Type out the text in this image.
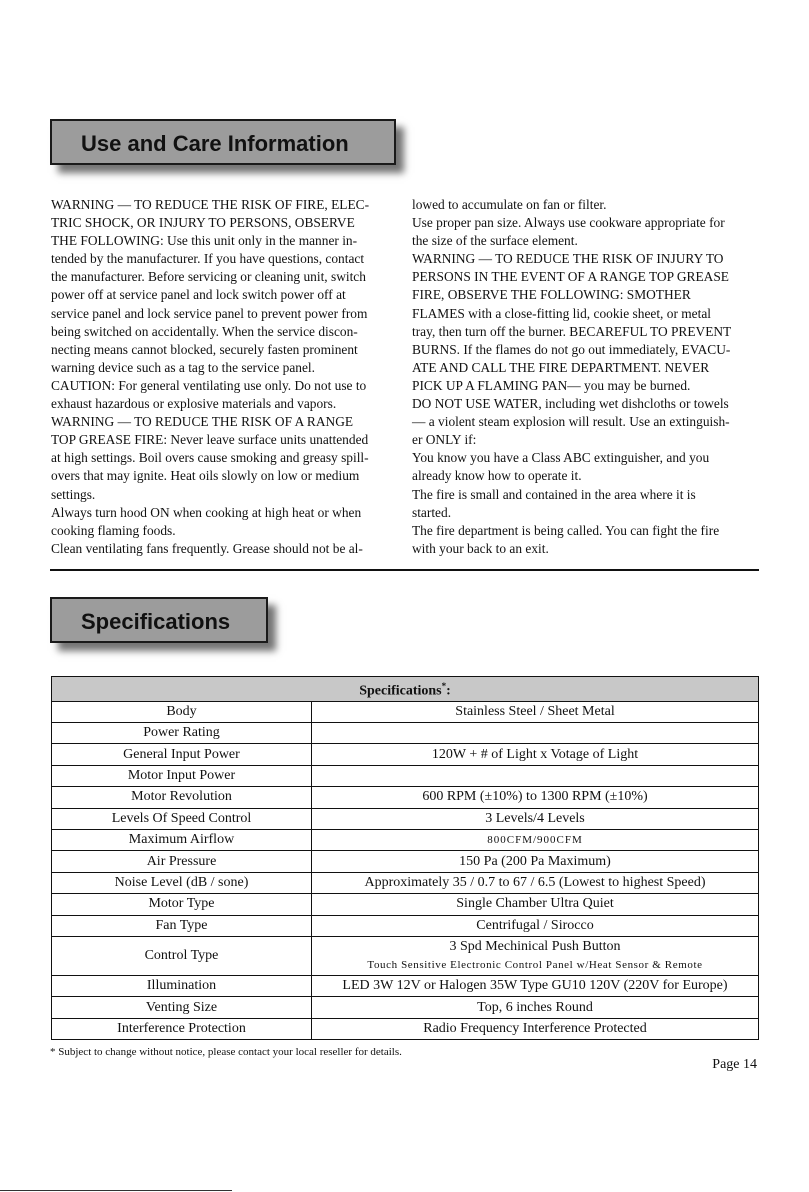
Use and Care Information

WARNING — TO REDUCE THE RISK OF FIRE, ELEC-

TRIC SHOCK, OR INJURY TO PERSONS, OBSERVE

THE FOLLOWING: Use this unit only in the manner in-

tended by the manufacturer. If you have questions, contact

the manufacturer. Before servicing or cleaning unit, switch

power off at service panel and lock switch power off at

service panel and lock service panel to prevent power from

being switched on accidentally. When the service discon-

necting means cannot blocked, securely fasten prominent

warning device such as a tag to the service panel.

CAUTION: For general ventilating use only. Do not use to

exhaust hazardous or explosive materials and vapors.

WARNING — TO REDUCE THE RISK OF A RANGE

TOP GREASE FIRE: Never leave surface units unattended

at high settings. Boil overs cause smoking and greasy spill-

overs that may ignite. Heat oils slowly on low or medium

settings.

Always turn hood ON when cooking at high heat or when

cooking flaming foods.

Clean ventilating fans frequently. Grease should not be al-

lowed to accumulate on fan or filter.

Use proper pan size. Always use cookware appropriate for

the size of the surface element.

WARNING — TO REDUCE THE RISK OF INJURY TO

PERSONS IN THE EVENT OF A RANGE TOP GREASE

FIRE, OBSERVE THE FOLLOWING: SMOTHER

FLAMES with a close-fitting lid, cookie sheet, or metal

tray, then turn off the burner. BECAREFUL TO PREVENT

BURNS. If the flames do not go out immediately, EVACU-

ATE AND CALL THE FIRE DEPARTMENT. NEVER

PICK UP A FLAMING PAN— you may be burned.

DO NOT USE WATER, including wet dishcloths or towels

— a violent steam explosion will result. Use an extinguish-

er ONLY if:

You know you have a Class ABC extinguisher, and you

already know how to operate it.

The fire is small and contained in the area where it is

started.

The fire department is being called. You can fight the fire

with your back to an exit.

Specifications
Specifications*:	
Body	Stainless Steel / Sheet Metal
Power Rating	
General Input Power	120W + # of Light x Votage of Light
Motor Input Power	
Motor Revolution	600 RPM (±10%) to 1300 RPM (±10%)
Levels Of Speed Control	3 Levels/4 Levels
Maximum Airflow	800CFM/900CFM
Air Pressure	150 Pa (200 Pa Maximum)
Noise Level (dB / sone)	Approximately 35 / 0.7 to 67 / 6.5 (Lowest to highest Speed)
Motor Type	Single Chamber Ultra Quiet
Fan Type	Centrifugal / Sirocco
Control Type	3 Spd Mechinical Push Button
Touch Sensitive Electronic Control Panel w/Heat Sensor & Remote

Illumination	LED 3W 12V or Halogen 35W Type GU10 120V (220V for Europe)
Venting Size	Top, 6 inches Round
Interference Protection	Radio Frequency Interference Protected
* Subject to change without notice, please contact your local reseller for details.
Page 14
